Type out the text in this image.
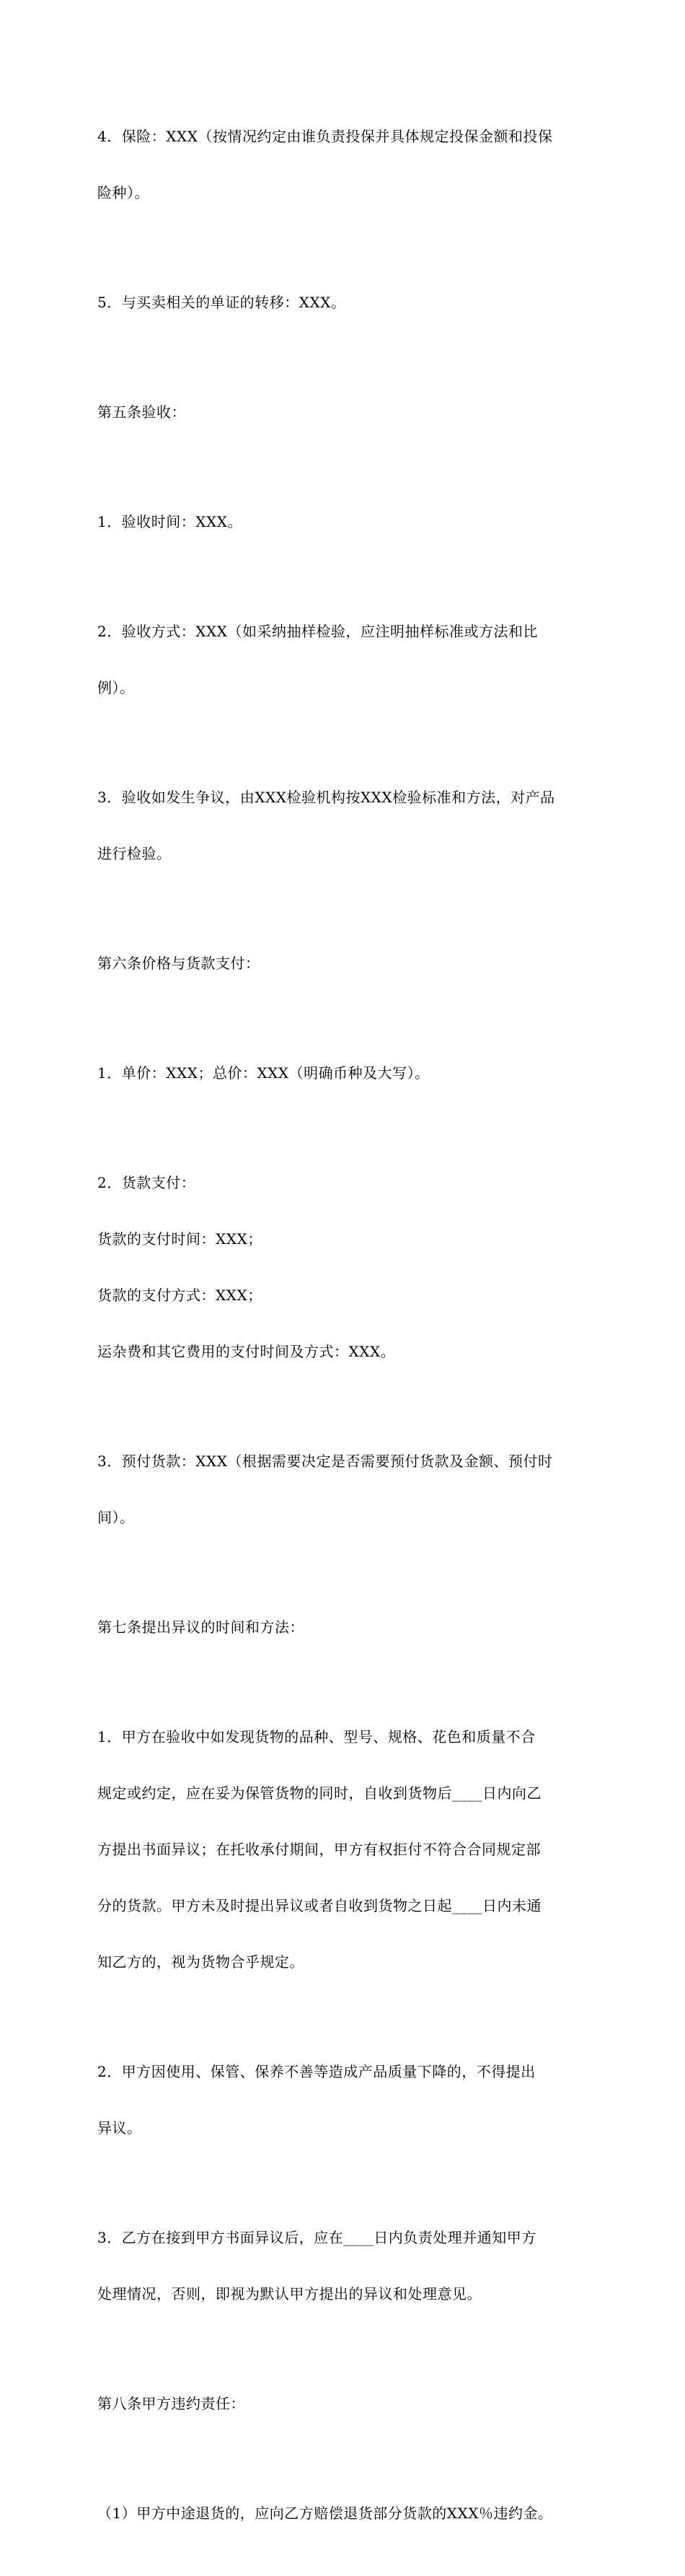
4．保险：XXX（按情况约定由谁负责投保并具体规定投保金额和投保

险种）。

5．与买卖相关的单证的转移：XXX。

第五条验收：

1．验收时间：XXX。

2．验收方式：XXX（如采纳抽样检验，应注明抽样标准或方法和比

例）。

3．验收如发生争议，由XXX检验机构按XXX检验标准和方法，对产品

进行检验。

第六条价格与货款支付：

1．单价：XXX；总价：XXX（明确币种及大写）。

2．货款支付：

货款的支付时间：XXX；

货款的支付方式：XXX；

运杂费和其它费用的支付时间及方式：XXX。

3．预付货款：XXX（根据需要决定是否需要预付货款及金额、预付时

间）。

第七条提出异议的时间和方法：

1．甲方在验收中如发现货物的品种、型号、规格、花色和质量不合

规定或约定，应在妥为保管货物的同时，自收到货物后____日内向乙

方提出书面异议；在托收承付期间，甲方有权拒付不符合合同规定部

分的货款。甲方未及时提出异议或者自收到货物之日起____日内未通

知乙方的，视为货物合乎规定。

2．甲方因使用、保管、保养不善等造成产品质量下降的，不得提出

异议。

3．乙方在接到甲方书面异议后，应在____日内负责处理并通知甲方

处理情况，否则，即视为默认甲方提出的异议和处理意见。

第八条甲方违约责任：

（1）甲方中途退货的，应向乙方赔偿退货部分货款的XXX％违约金。
